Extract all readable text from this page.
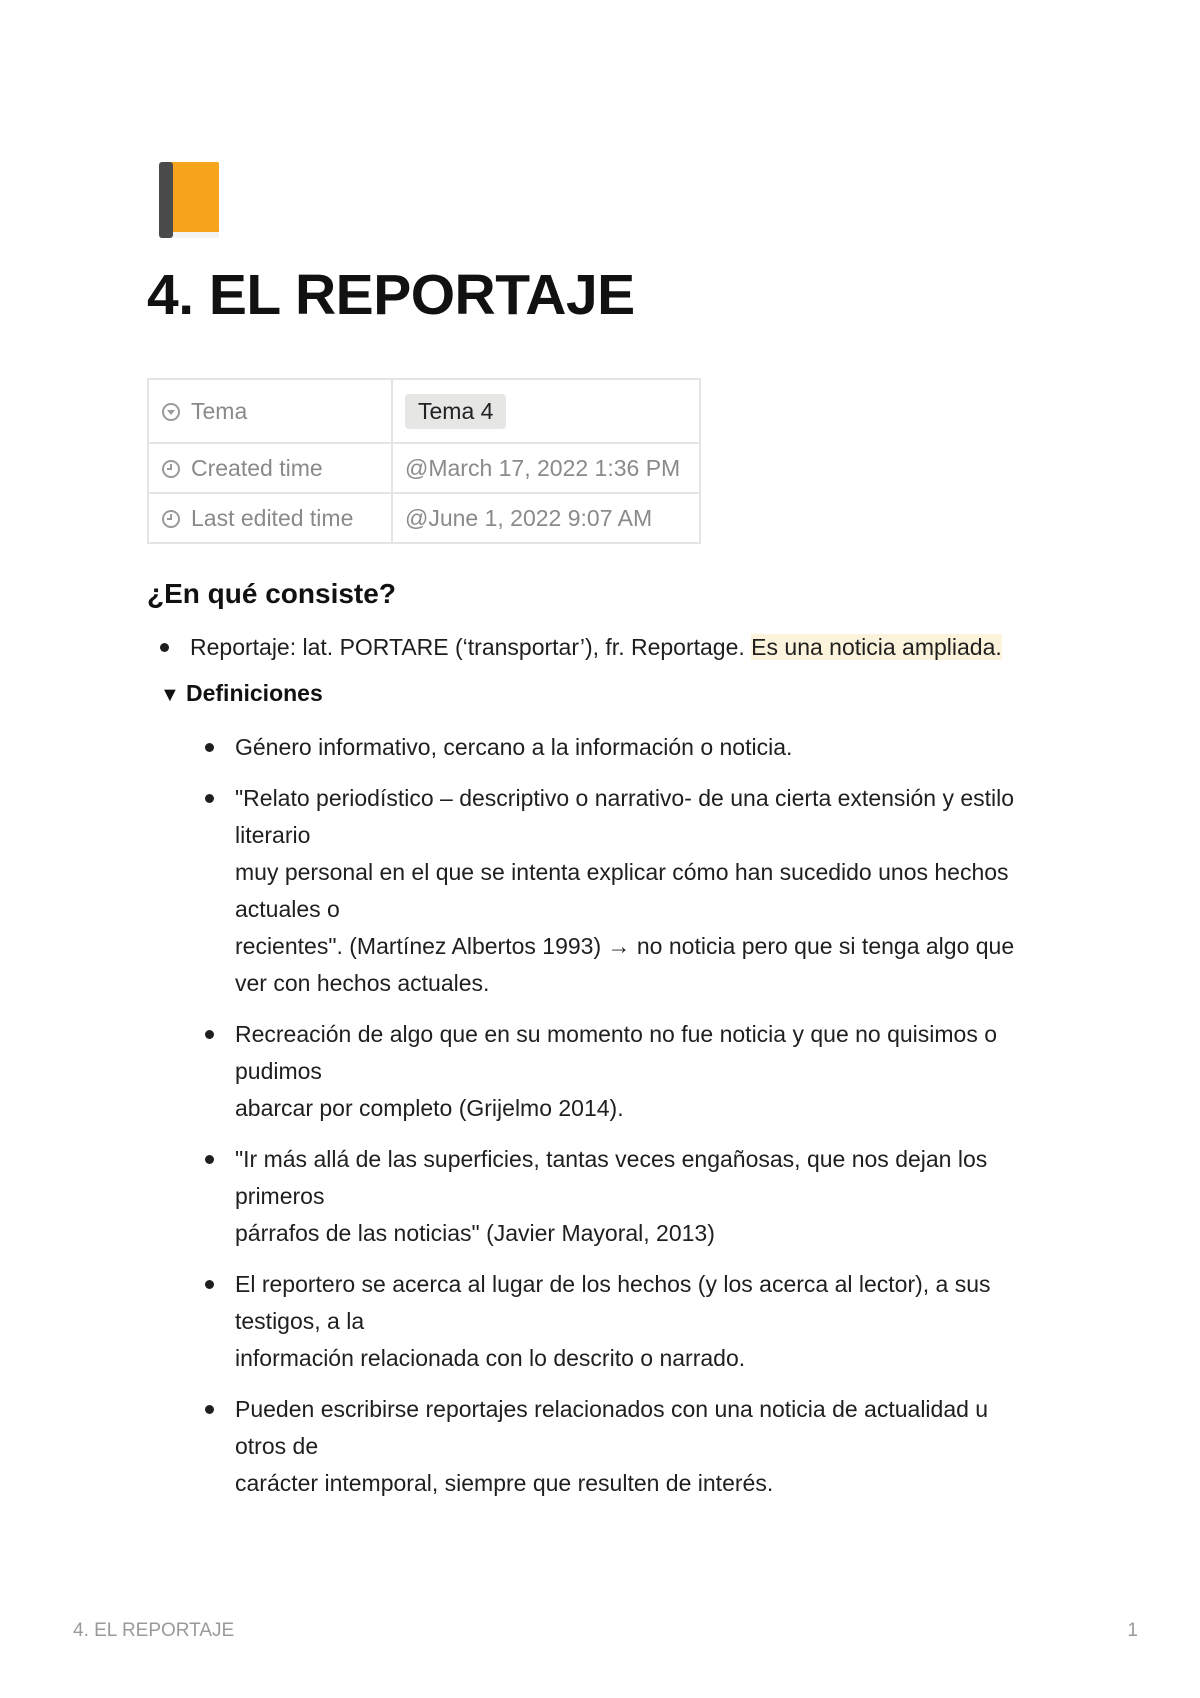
4. EL REPORTAJE
Tema	Tema 4
Created time	@March 17, 2022 1:36 PM
Last edited time	@June 1, 2022 9:07 AM
¿En qué consiste?
Reportaje: lat. PORTARE (‘transportar’), fr. Reportage. Es una noticia ampliada.
▼ Definiciones
Género informativo, cercano a la información o noticia.
"Relato periodístico – descriptivo o narrativo- de una cierta extensión y estilo
literario
muy personal en el que se intenta explicar cómo han sucedido unos hechos
actuales o
recientes". (Martínez Albertos 1993) → no noticia pero que si tenga algo que
ver con hechos actuales.
Recreación de algo que en su momento no fue noticia y que no quisimos o
pudimos
abarcar por completo (Grijelmo 2014).
"Ir más allá de las superficies, tantas veces engañosas, que nos dejan los
primeros
párrafos de las noticias" (Javier Mayoral, 2013)
El reportero se acerca al lugar de los hechos (y los acerca al lector), a sus
testigos, a la
información relacionada con lo descrito o narrado.
Pueden escribirse reportajes relacionados con una noticia de actualidad u
otros de
carácter intemporal, siempre que resulten de interés.
4. EL REPORTAJE	1
